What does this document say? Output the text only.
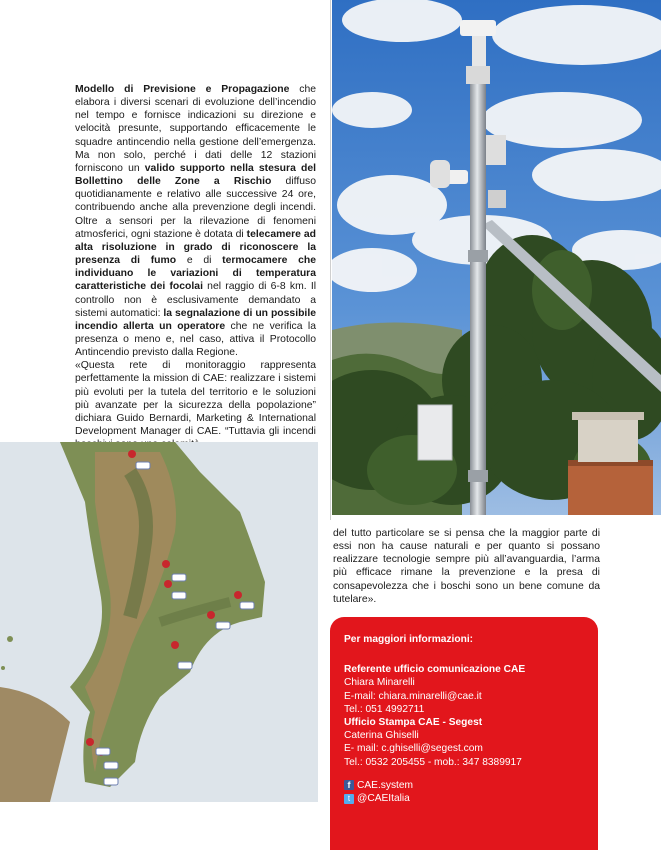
Modello di Previsione e Propagazione che elabora i diversi scenari di evoluzione dell’incendio nel tempo e fornisce indicazioni su direzione e velocità presunte, supportando efficacemente le squadre antincendio nella gestione dell’emergenza. Ma non solo, perché i dati delle 12 stazioni forniscono un valido supporto nella stesura del Bollettino delle Zone a Rischio diffuso quotidianamente e relativo alle successive 24 ore, contribuendo anche alla prevenzione degli incendi. Oltre a sensori per la rilevazione di fenomeni atmosferici, ogni stazione è dotata di telecamere ad alta risoluzione in grado di riconoscere la presenza di fumo e di termocamere che individuano le variazioni di temperatura caratteristiche dei focolai nel raggio di 6-8 km. Il controllo non è esclusivamente demandato a sistemi automatici: la segnalazione di un possibile incendio allerta un operatore che ne verifica la presenza o meno e, nel caso, attiva il Protocollo Antincendio previsto dalla Regione.

«Questa rete di monitoraggio rappresenta perfettamente la mission di CAE: realizzare i sistemi più evoluti per la tutela del territorio e le soluzioni più avanzate per la sicurezza della popolazione” dichiara Guido Bernardi, Marketing & International Development Manager di CAE. “Tuttavia gli incendi

del tutto particolare se si pensa che la maggior parte di essi non ha cause naturali e per quanto si possano realizzare tecnologie sempre più all’avanguardia, l’arma più efficace rimane la prevenzione e la presa di consapevolezza che i boschi sono un bene comune da tutelare».

Per maggiori informazioni:
Referente ufficio comunicazione CAE
Chiara Minarelli
E-mail: chiara.minarelli@cae.it
Tel.: 051 4992711
Ufficio Stampa CAE - Segest
Caterina Ghiselli
E- mail: c.ghiselli@segest.com
Tel.: 0532 205455 - mob.: 347 8389917
f CAE.system
t @CAEItalia
